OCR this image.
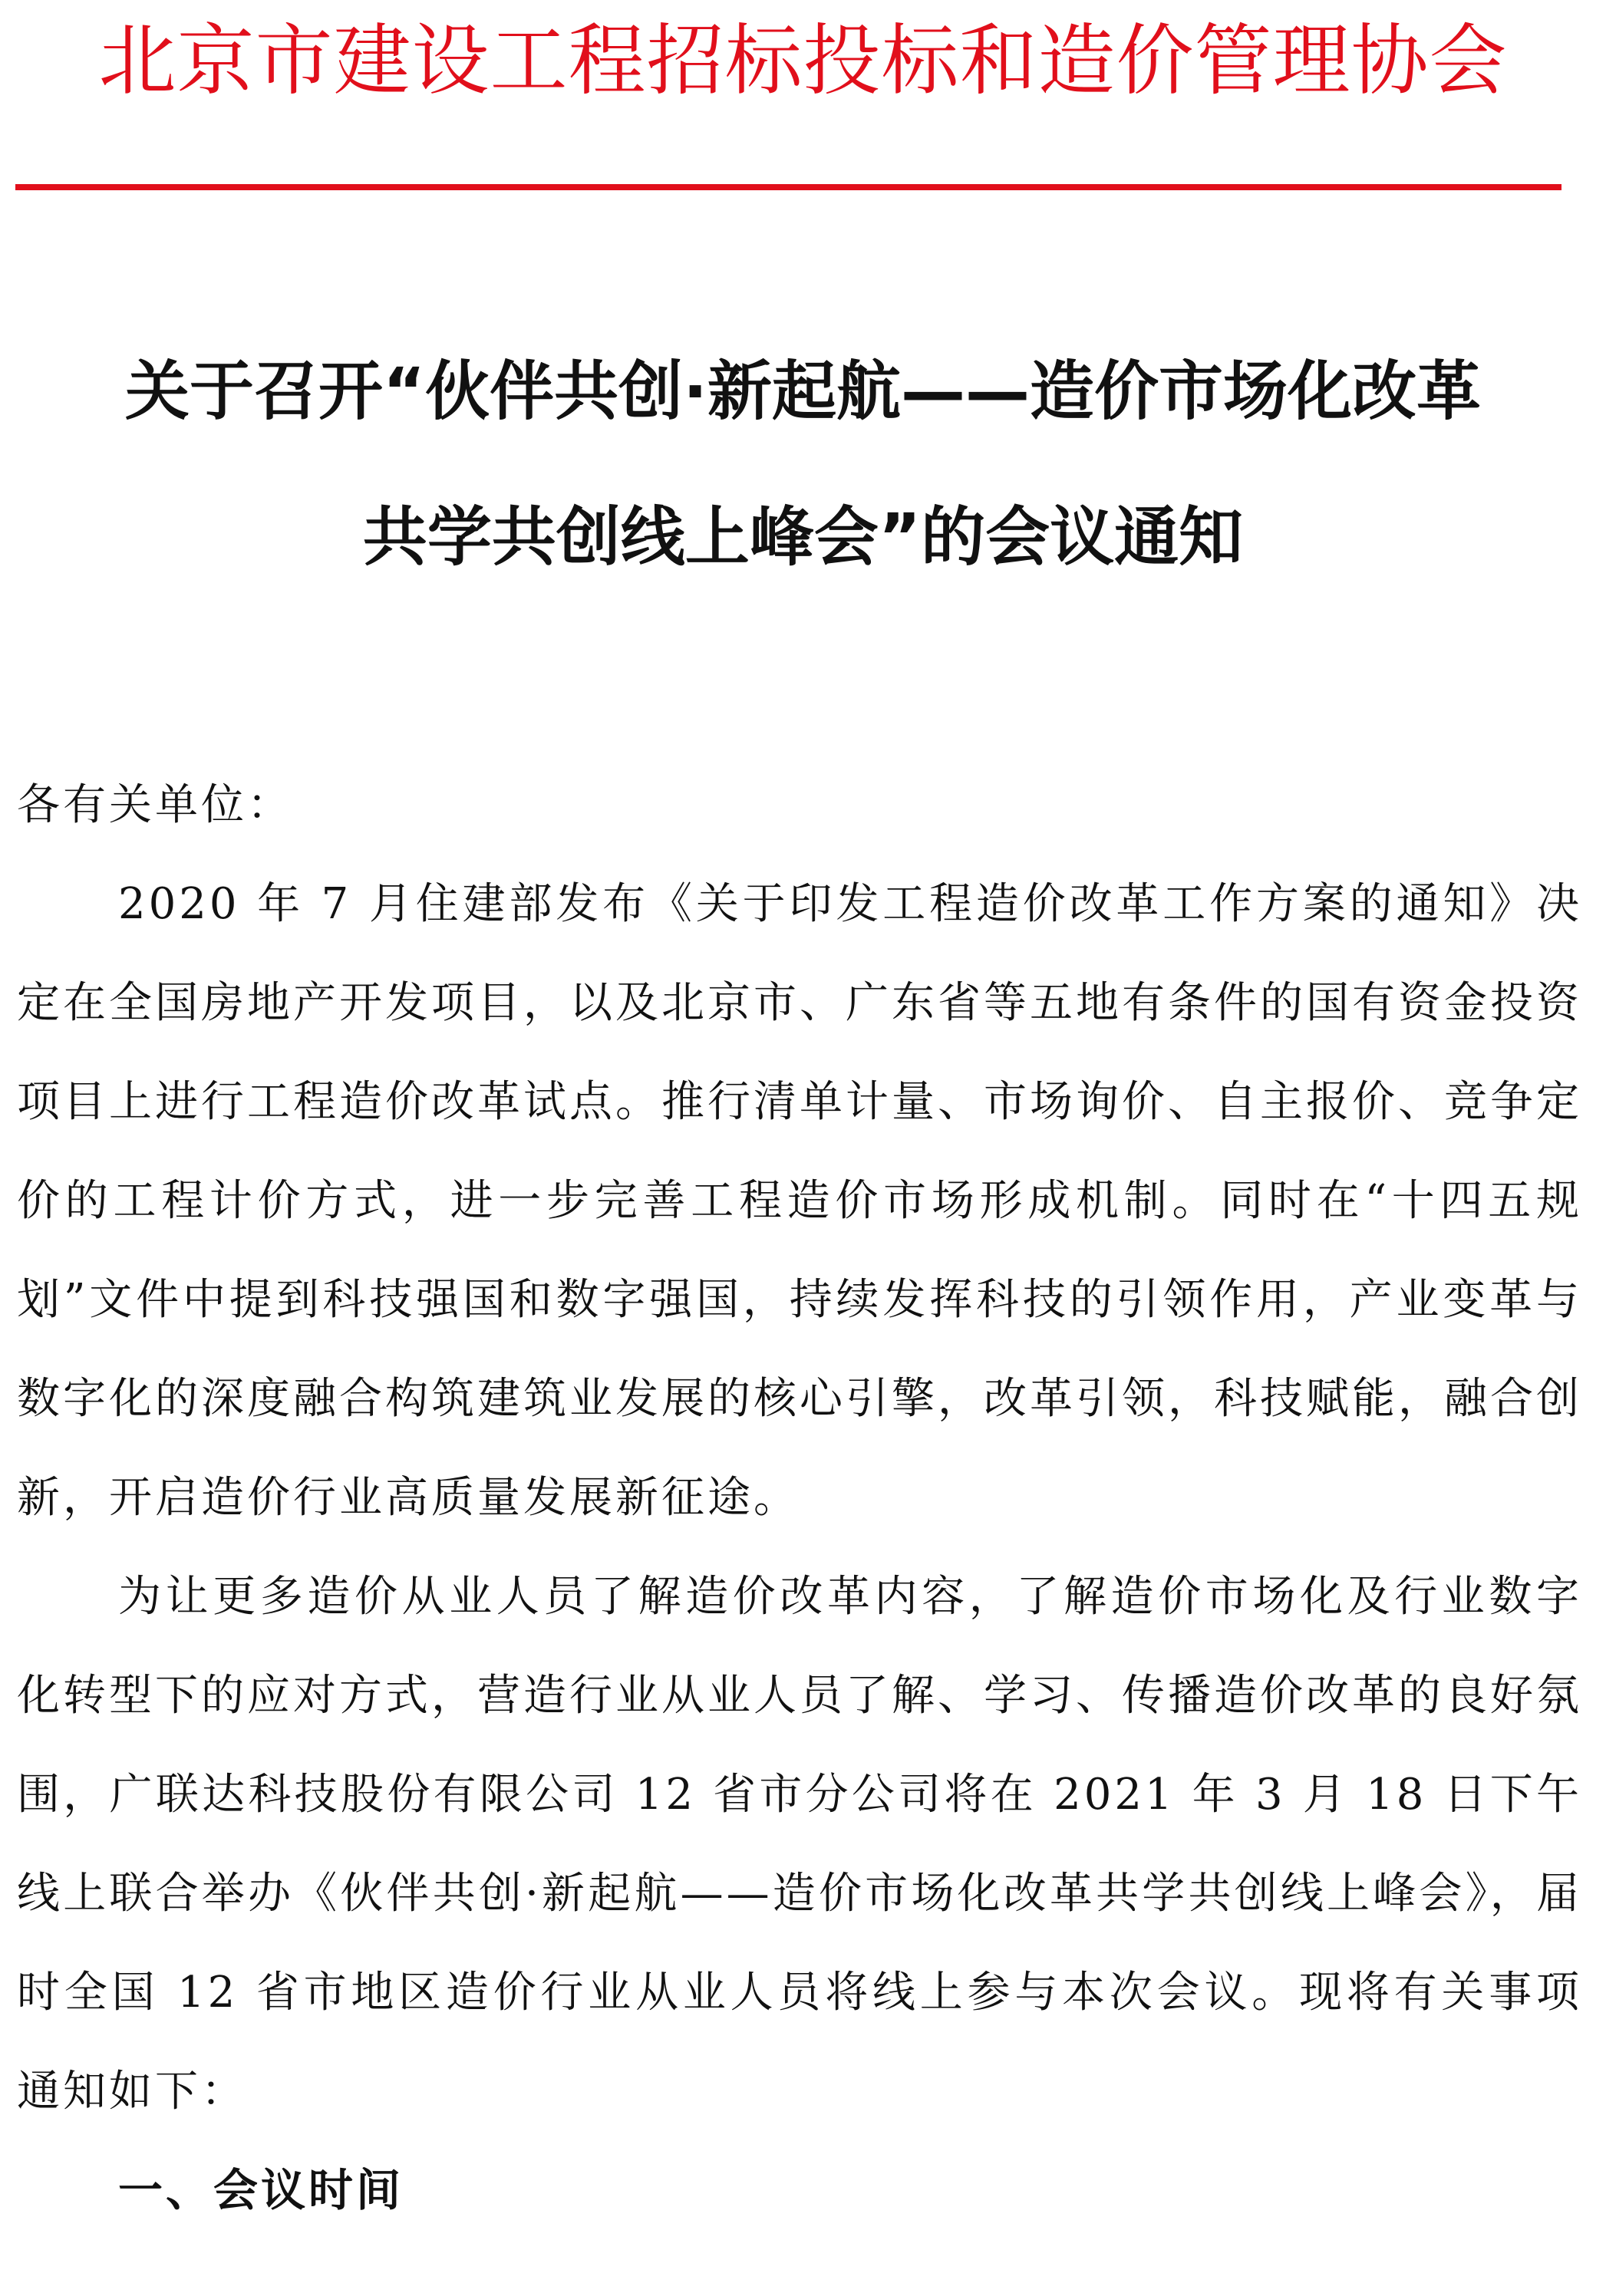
北京市建设工程招标投标和造价管理协会
关于召开“伙伴共创·新起航——造价市场化改革
共学共创线上峰会”的会议通知

各有关单位：

2020 年 7 月住建部发布《关于印发工程造价改革工作方案的通知》决定在全国房地产开发项目，以及北京市、广东省等五地有条件的国有资金投资项目上进行工程造价改革试点。推行清单计量、市场询价、自主报价、竞争定价的工程计价方式，进一步完善工程造价市场形成机制。同时在“十四五规划”文件中提到科技强国和数字强国，持续发挥科技的引领作用，产业变革与数字化的深度融合构筑建筑业发展的核心引擎，改革引领，科技赋能，融合创新，开启造价行业高质量发展新征途。

为让更多造价从业人员了解造价改革内容，了解造价市场化及行业数字化转型下的应对方式，营造行业从业人员了解、学习、传播造价改革的良好氛围，广联达科技股份有限公司 12 省市分公司将在 2021 年 3 月 18 日下午线上联合举办《伙伴共创·新起航——造价市场化改革共学共创线上峰会》，届时全国 12 省市地区造价行业从业人员将线上参与本次会议。现将有关事项通知如下：

一、会议时间
